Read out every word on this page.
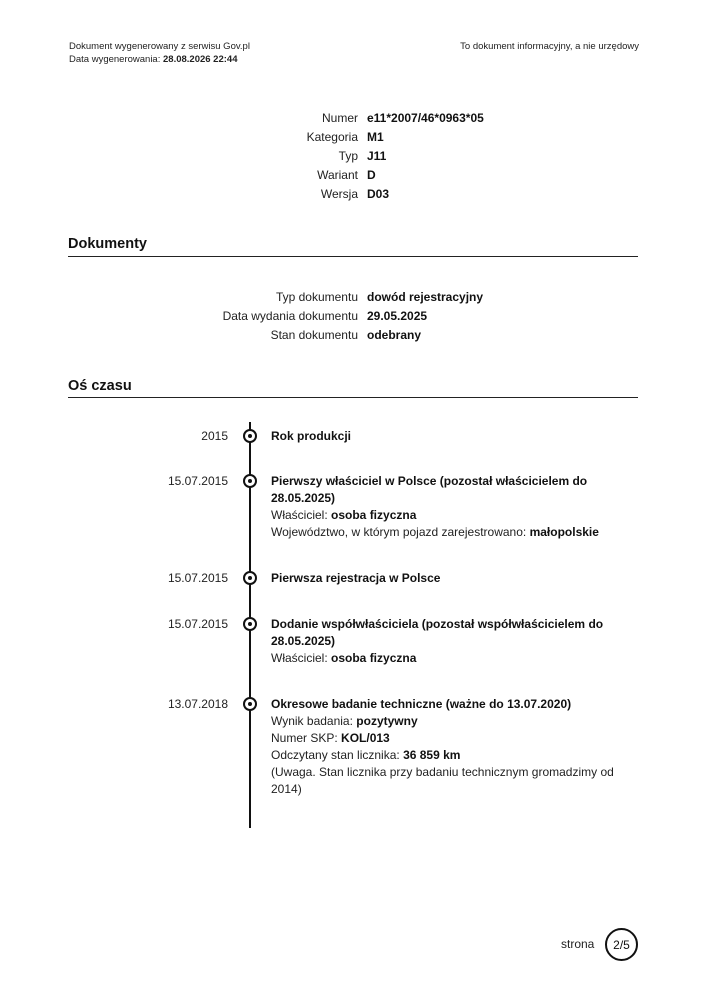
Dokument wygenerowany z serwisu Gov.pl
Data wygenerowania: 28.08.2026 22:44
To dokument informacyjny, a nie urzędowy
Numer e11*2007/46*0963*05
Kategoria M1
Typ J11
Wariant D
Wersja D03
Dokumenty
Typ dokumentu dowód rejestracyjny
Data wydania dokumentu 29.05.2025
Stan dokumentu odebrany
Oś czasu
2015	Rok produkcji
15.07.2015	Pierwszy właściciel w Polsce (pozostał właścicielem do 28.05.2025)
Właściciel: osoba fizyczna
Województwo, w którym pojazd zarejestrowano: małopolskie
15.07.2015	Pierwsza rejestracja w Polsce
15.07.2015	Dodanie współwłaściciela (pozostał współwłaścicielem do 28.05.2025)
Właściciel: osoba fizyczna
13.07.2018	Okresowe badanie techniczne (ważne do 13.07.2020)
Wynik badania: pozytywny
Numer SKP: KOL/013
Odczytany stan licznika: 36 859 km
(Uwaga. Stan licznika przy badaniu technicznym gromadzimy od 2014)
strona	2/5
